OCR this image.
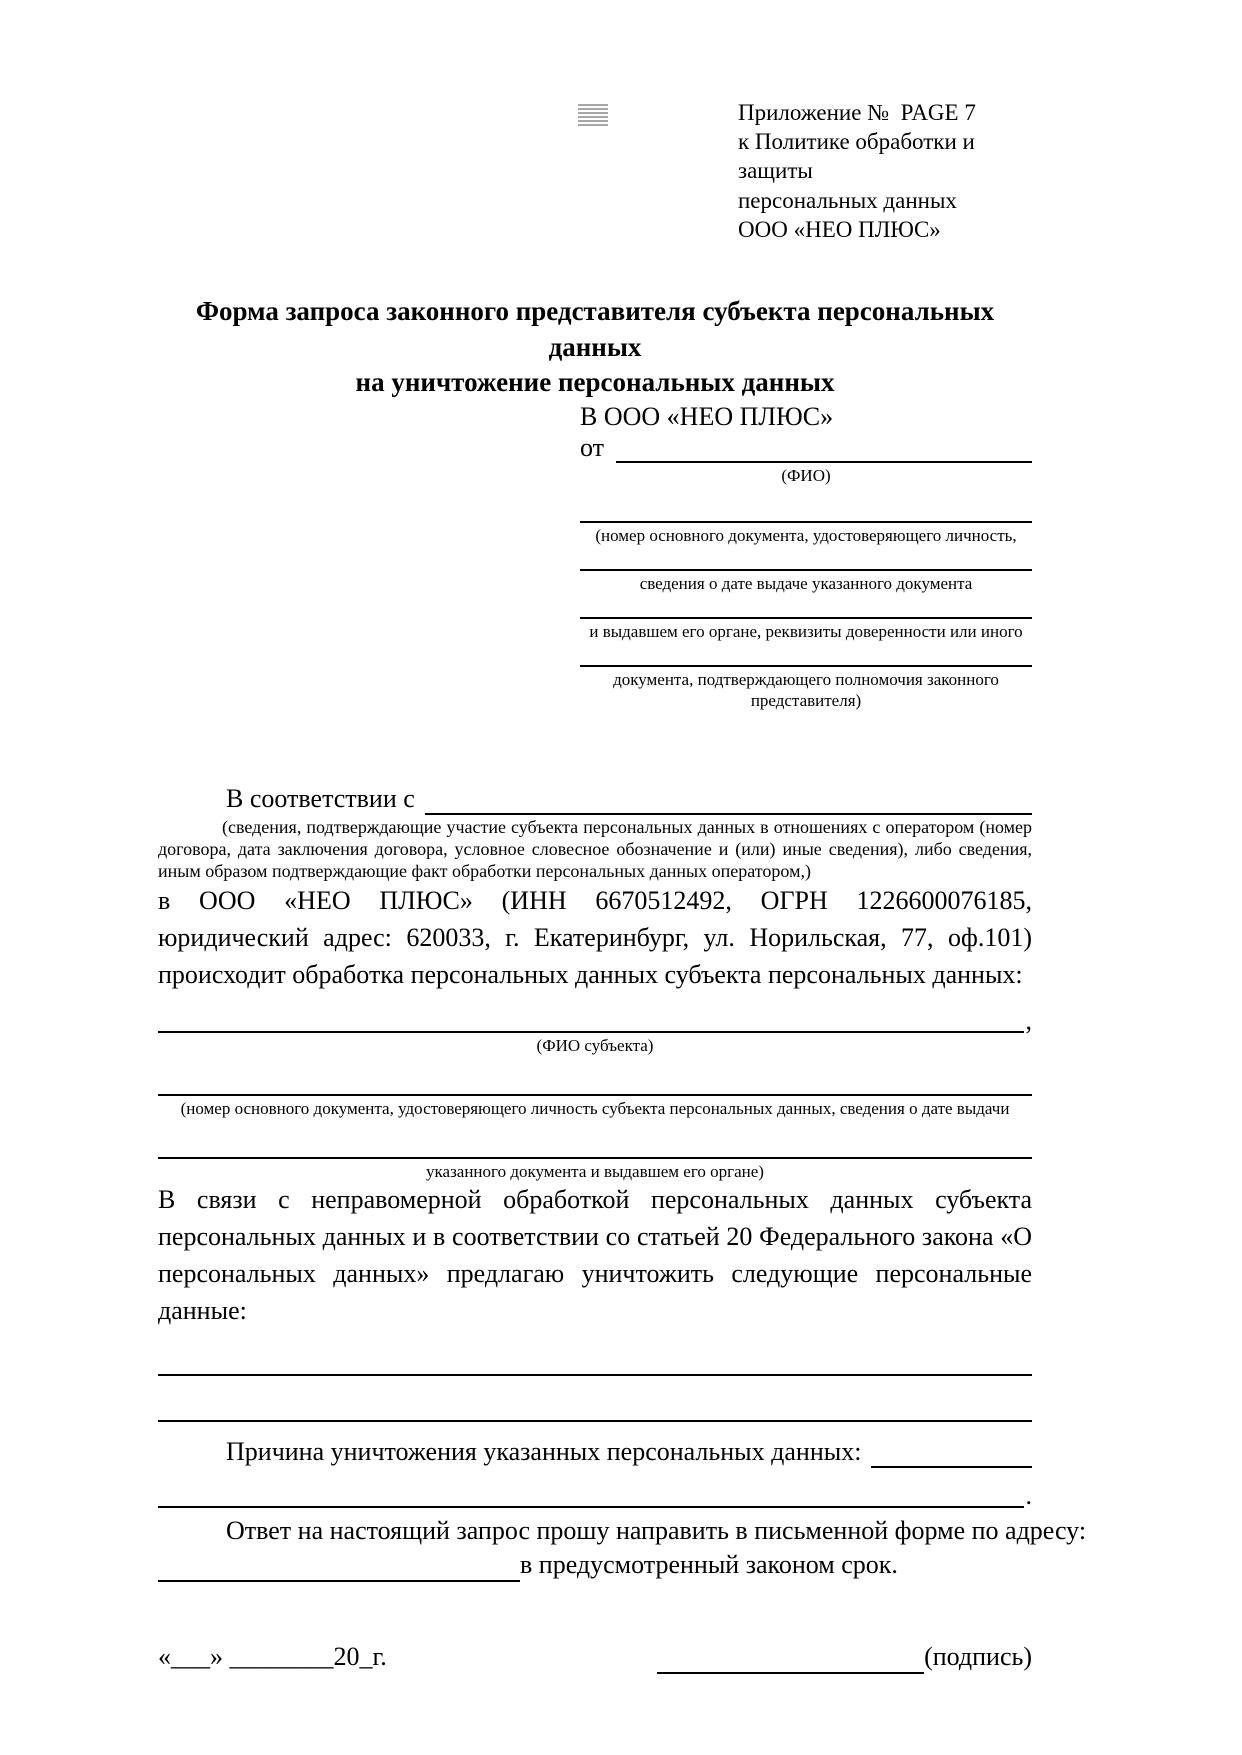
Приложение №  PAGE 7
к Политике обработки и защиты
персональных данных
ООО «НЕО ПЛЮС»
Форма запроса законного представителя субъекта персональных данных
на уничтожение персональных данных
В ООО «НЕО ПЛЮС»
от
(ФИО)
(номер основного документа, удостоверяющего личность,
сведения о дате выдаче указанного документа
и выдавшем его органе, реквизиты доверенности или иного
документа, подтверждающего полномочия законного представителя)
В соответствии с
(сведения, подтверждающие участие субъекта персональных данных в отношениях с оператором (номер договора, дата заключения договора, условное словесное обозначение и (или) иные сведения), либо сведения, иным образом подтверждающие факт обработки персональных данных оператором,)
в ООО «НЕО ПЛЮС» (ИНН 6670512492, ОГРН 1226600076185, юридический адрес: 620033, г. Екатеринбург, ул. Норильская, 77, оф.101) происходит обработка персональных данных субъекта персональных данных:
,
(ФИО субъекта)
(номер основного документа, удостоверяющего личность субъекта персональных данных, сведения о дате выдачи
указанного документа и выдавшем его органе)
В связи с неправомерной обработкой персональных данных субъекта персональных данных и в соответствии со статьей 20 Федерального закона «О персональных данных» предлагаю уничтожить следующие персональные данные:
Причина уничтожения указанных персональных данных:
.
Ответ на настоящий запрос прошу направить в письменной форме по адресу:
в предусмотренный законом срок.
«___» ________20_г.	(подпись)
